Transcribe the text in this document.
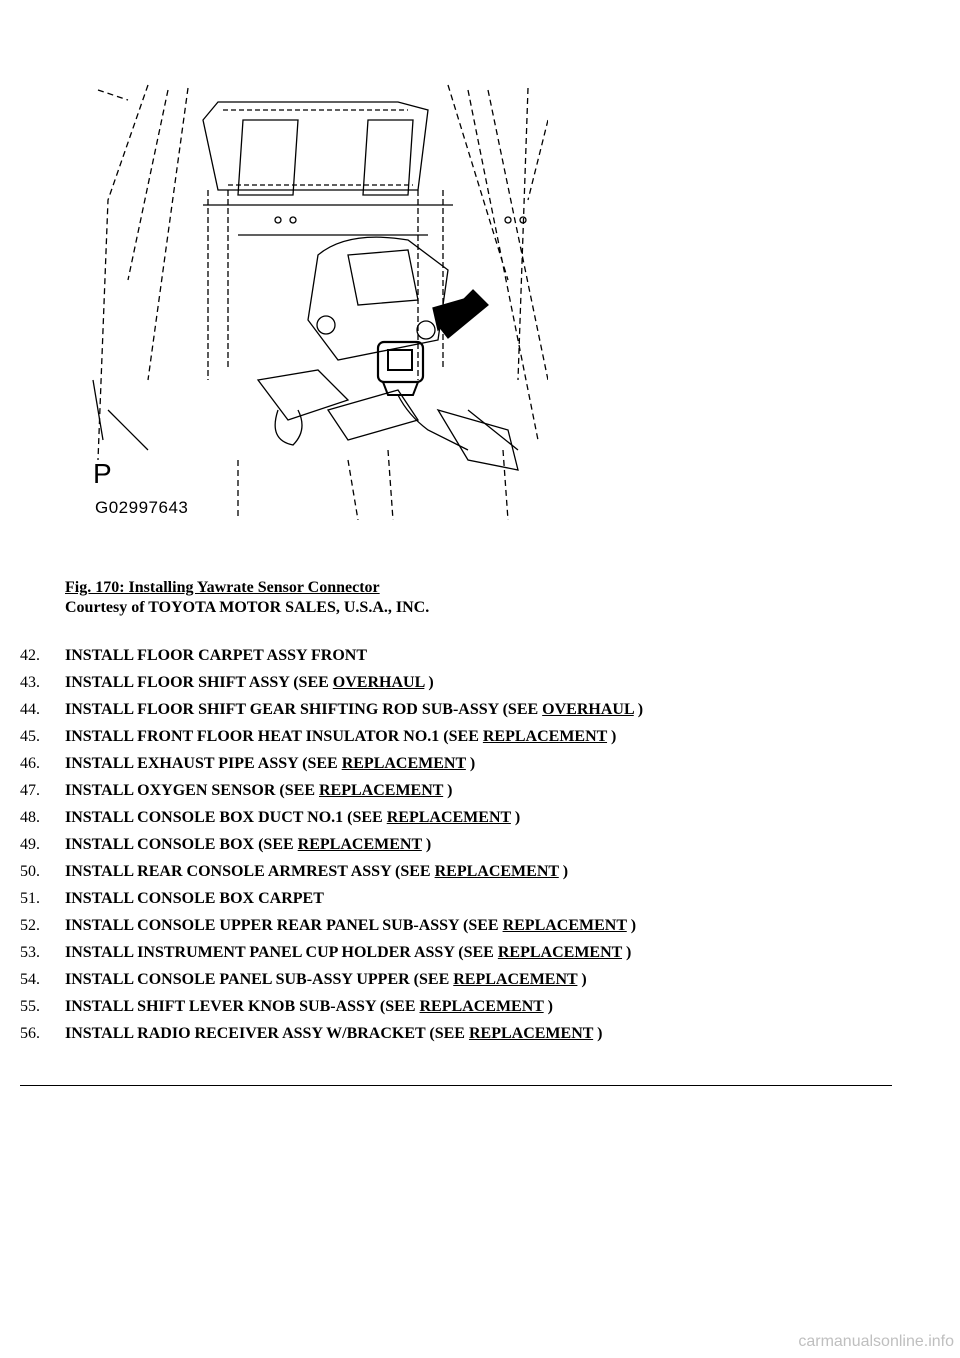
P
G02997643
Fig. 170: Installing Yawrate Sensor Connector
Courtesy of TOYOTA MOTOR SALES, U.S.A., INC.
42. INSTALL FLOOR CARPET ASSY FRONT
43. INSTALL FLOOR SHIFT ASSY (SEE OVERHAUL )
44. INSTALL FLOOR SHIFT GEAR SHIFTING ROD SUB-ASSY (SEE OVERHAUL )
45. INSTALL FRONT FLOOR HEAT INSULATOR NO.1 (SEE REPLACEMENT )
46. INSTALL EXHAUST PIPE ASSY (SEE REPLACEMENT )
47. INSTALL OXYGEN SENSOR (SEE REPLACEMENT )
48. INSTALL CONSOLE BOX DUCT NO.1 (SEE REPLACEMENT )
49. INSTALL CONSOLE BOX (SEE REPLACEMENT )
50. INSTALL REAR CONSOLE ARMREST ASSY (SEE REPLACEMENT )
51. INSTALL CONSOLE BOX CARPET
52. INSTALL CONSOLE UPPER REAR PANEL SUB-ASSY (SEE REPLACEMENT )
53. INSTALL INSTRUMENT PANEL CUP HOLDER ASSY (SEE REPLACEMENT )
54. INSTALL CONSOLE PANEL SUB-ASSY UPPER (SEE REPLACEMENT )
55. INSTALL SHIFT LEVER KNOB SUB-ASSY (SEE REPLACEMENT )
56. INSTALL RADIO RECEIVER ASSY W/BRACKET (SEE REPLACEMENT )
carmanualsonline.info
